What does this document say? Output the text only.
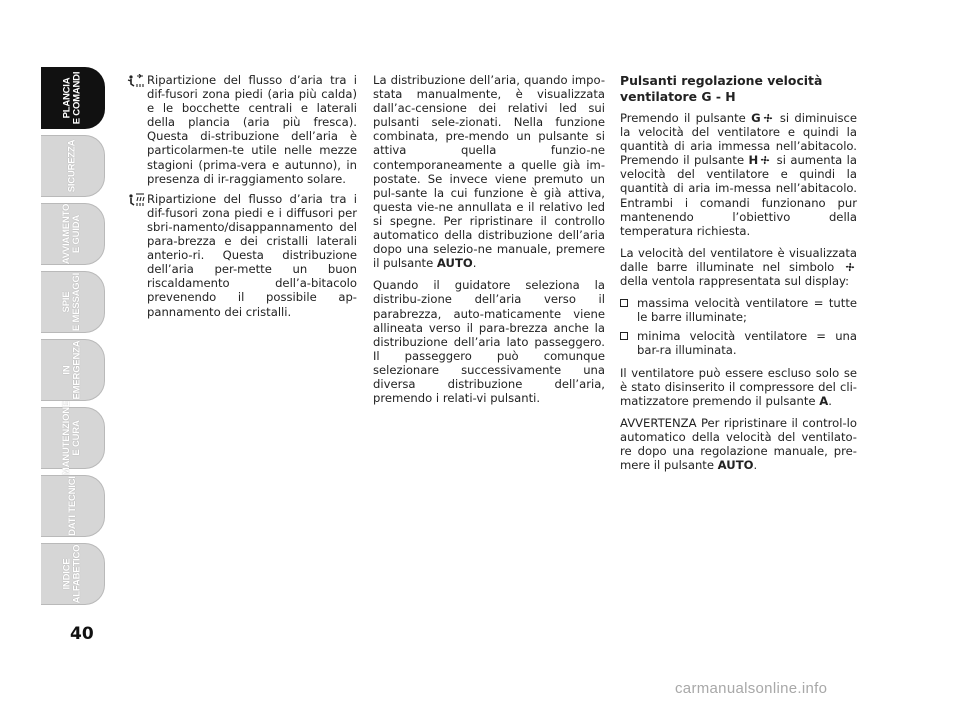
PLANCIA
E COMANDI
SICUREZZA
AVVIAMENTO
E GUIDA
SPIE
E MESSAGGI
IN
EMERGENZA
MANUTENZIONE
E CURA
DATI TECNICI
INDICE
ALFABETICO
40
Ripartizione del flusso d’aria tra i dif-fusori zona piedi (aria più calda) e le bocchette centrali e laterali della plancia (aria più fresca). Questa di-stribuzione dell’aria è particolarmen-te utile nelle mezze stagioni (prima-vera e autunno), in presenza di ir-raggiamento solare.
Ripartizione del flusso d’aria tra i dif-fusori zona piedi e i diffusori per sbri-namento/disappannamento del para-brezza e dei cristalli laterali anterio-ri. Questa distribuzione dell’aria per-mette un buon riscaldamento dell’a-bitacolo prevenendo il possibile ap-pannamento dei cristalli.

La distribuzione dell’aria, quando impo-stata manualmente, è visualizzata dall’ac-censione dei relativi led sui pulsanti sele-zionati. Nella funzione combinata, pre-mendo un pulsante si attiva quella funzio-ne contemporaneamente a quelle già im-postate. Se invece viene premuto un pul-sante la cui funzione è già attiva, questa vie-ne annullata e il relativo led si spegne. Per ripristinare il controllo automatico della distribuzione dell’aria dopo una selezio-ne manuale, premere il pulsante AUTO.

Quando il guidatore seleziona la distribu-zione dell’aria verso il parabrezza, auto-maticamente viene allineata verso il para-brezza anche la distribuzione dell’aria lato passeggero. Il passeggero può comunque selezionare successivamente una diversa distribuzione dell’aria, premendo i relati-vi pulsanti.

Pulsanti regolazione velocità ventilatore G - H

Premendo il pulsante G si diminuisce la velocità del ventilatore e quindi la quantità di aria immessa nell’abitacolo. Premendo il pulsante H si aumenta la velocità del ventilatore e quindi la quantità di aria im-messa nell’abitacolo. Entrambi i comandi funzionano pur mantenendo l’obiettivo della temperatura richiesta.

La velocità del ventilatore è visualizzata dalle barre illuminate nel simbolo  della ventola rappresentata sul display:

massima velocità ventilatore = tutte le barre illuminate;
minima velocità ventilatore = una bar-ra illuminata.

Il ventilatore può essere escluso solo se è stato disinserito il compressore del cli-matizzatore premendo il pulsante A.

AVVERTENZA Per ripristinare il control-lo automatico della velocità del ventilato-re dopo una regolazione manuale, pre-mere il pulsante AUTO.

carmanualsonline.info
